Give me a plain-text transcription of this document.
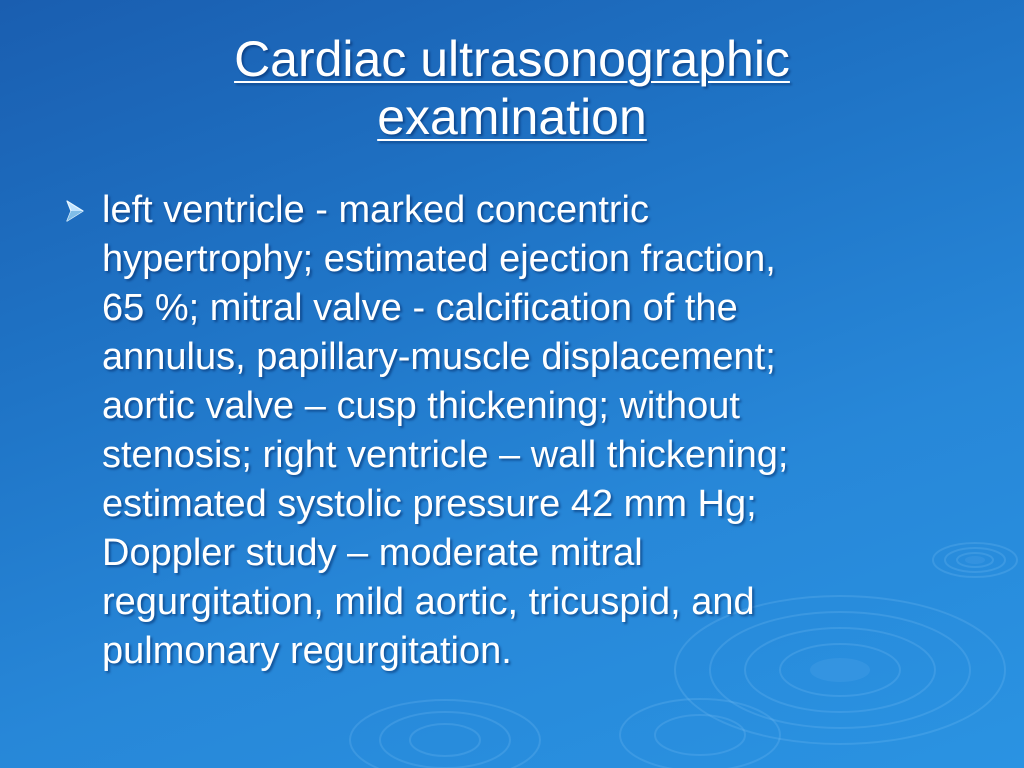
Cardiac ultrasonographic
examination
left ventricle - marked concentric
hypertrophy; estimated ejection fraction,
65 %; mitral valve - calcification of the
annulus, papillary-muscle displacement;
aortic valve – cusp thickening; without
stenosis; right ventricle – wall thickening;
estimated systolic pressure 42 mm Hg;
Doppler study – moderate mitral
regurgitation, mild aortic, tricuspid, and
pulmonary regurgitation.
